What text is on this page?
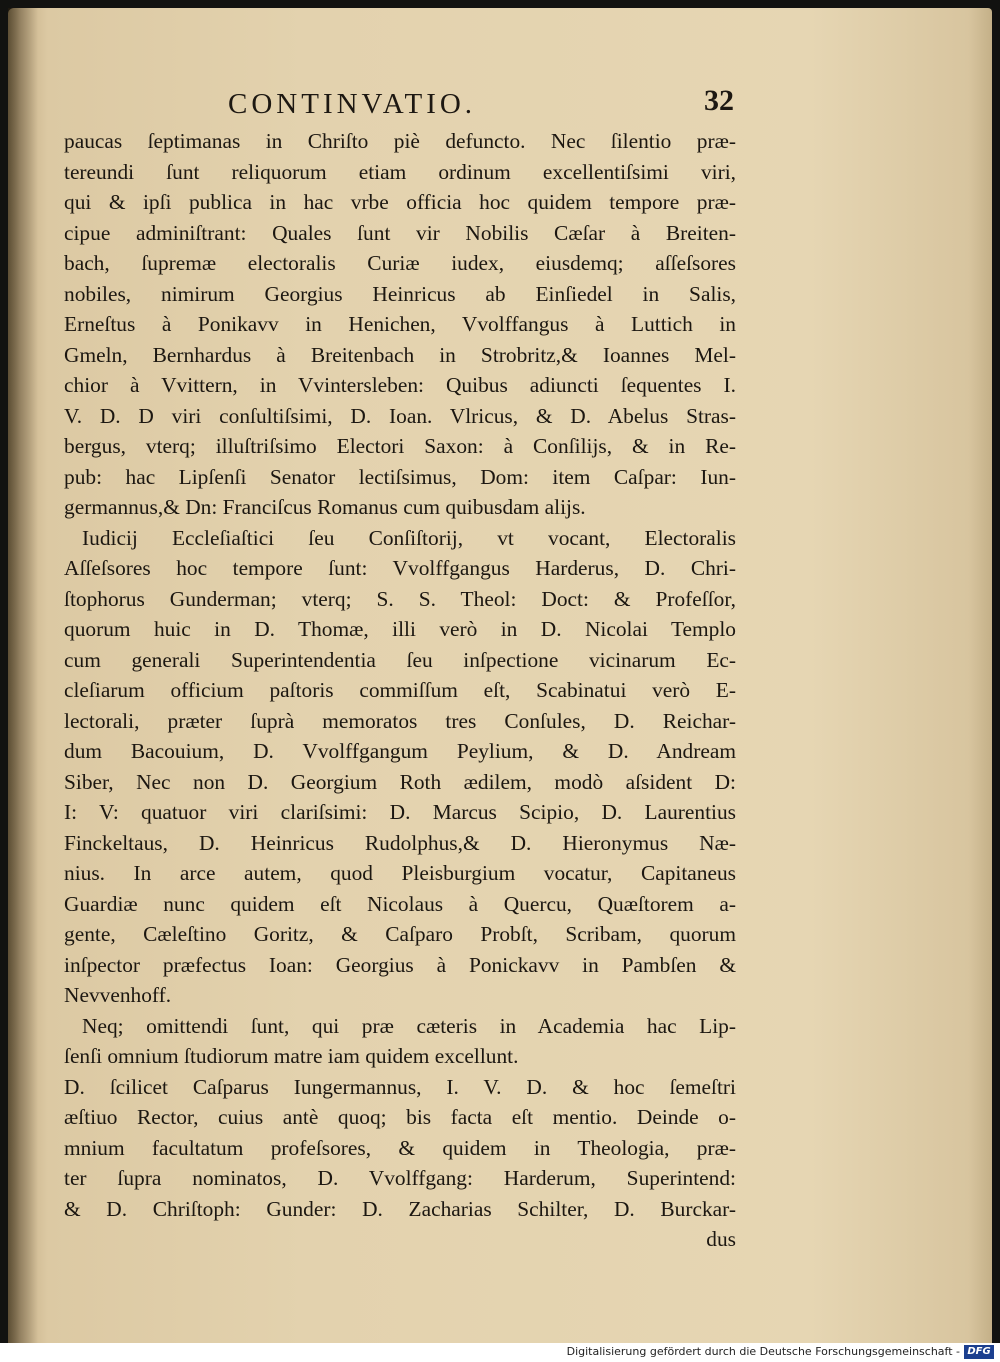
CONTINVATIO.	32
paucas ſeptimanas in Chriſto piè defunctο. Nec ſilentio præ-
tereundi ſunt reliquorum etiam ordinum excellentiſsimi viri,
qui & ipſi publica in hac vrbe officia hoc quidem tempore præ-
cipue adminiſtrant: Quales ſunt vir Nobilis Cæſar à Breiten-
bach, ſupremæ electoralis Curiæ iudex, eiusdemq; aſſeſsores
nobiles, nimirum Georgius Heinricus ab Einſiedel in Salis,
Erneſtus à Ponikavv in Henichen, Vvolffangus à Luttich in
Gmeln, Bernhardus à Breitenbach in Strobritz,& Ioannes Mel-
chior à Vvittern, in Vvintersleben: Quibus adiuncti ſequentes I.
V. D. D viri conſultiſsimi, D. Ioan. Vlricus, & D. Abelus Stras-
bergus, vterq; illuſtriſsimo Electori Saxon: à Conſilijs, & in Re-
pub: hac Lipſenſi Senator lectiſsimus, Dom: item Caſpar: Iun-
germannus,& Dn: Franciſcus Romanus cum quibusdam alijs.
Iudicij Eccleſiaſtici ſeu Conſiſtorij, vt vocant, Electoralis
Aſſeſsores hoc tempore ſunt: Vvolffgangus Harderus, D. Chri-
ſtophorus Gunderman; vterq; S. S. Theol: Doct: & Profeſſor,
quorum huic in D. Thomæ, illi verò in D. Nicolai Templo
cum generali Superintendentia ſeu inſpectione vicinarum Ec-
cleſiarum officium paſtoris commiſſum eſt, Scabinatui verò E-
lectorali, præter ſuprà memoratos tres Conſules, D. Reichar-
dum Bacouium, D. Vvolffgangum Peylium, & D. Andream
Siber, Nec non D. Georgium Roth ædilem, modò aſsident D:
I: V: quatuor viri clariſsimi: D. Marcus Scipio, D. Laurentius
Finckeltaus, D. Heinricus Rudolphus,& D. Hieronymus Næ-
nius. In arce autem, quod Pleisburgium vocatur, Capitaneus
Guardiæ nunc quidem eſt Nicolaus à Quercu, Quæſtorem a-
gente, Cæleſtino Goritz, & Caſparo Probſt, Scribam, quorum
inſpector præfectus Ioan: Georgius à Ponickavv in Pambſen &
Nevvenhoff.
Neq; omittendi ſunt, qui præ cæteris in Academia hac Lip-
ſenſi omnium ſtudiorum matre iam quidem excellunt.
D. ſcilicet Caſparus Iungermannus, I. V. D. & hoc ſemeſtri
æſtiuo Rector, cuius antè quoq; bis facta eſt mentio. Deinde o-
mnium facultatum profeſsores, & quidem in Theologia, præ-
ter ſupra nominatos, D. Vvolffgang: Harderum, Superintend:
& D. Chriſtoph: Gunder: D. Zacharias Schilter, D. Burckar-
dus
Digitalisierung gefördert durch die Deutsche Forschungsgemeinschaft - DFG
